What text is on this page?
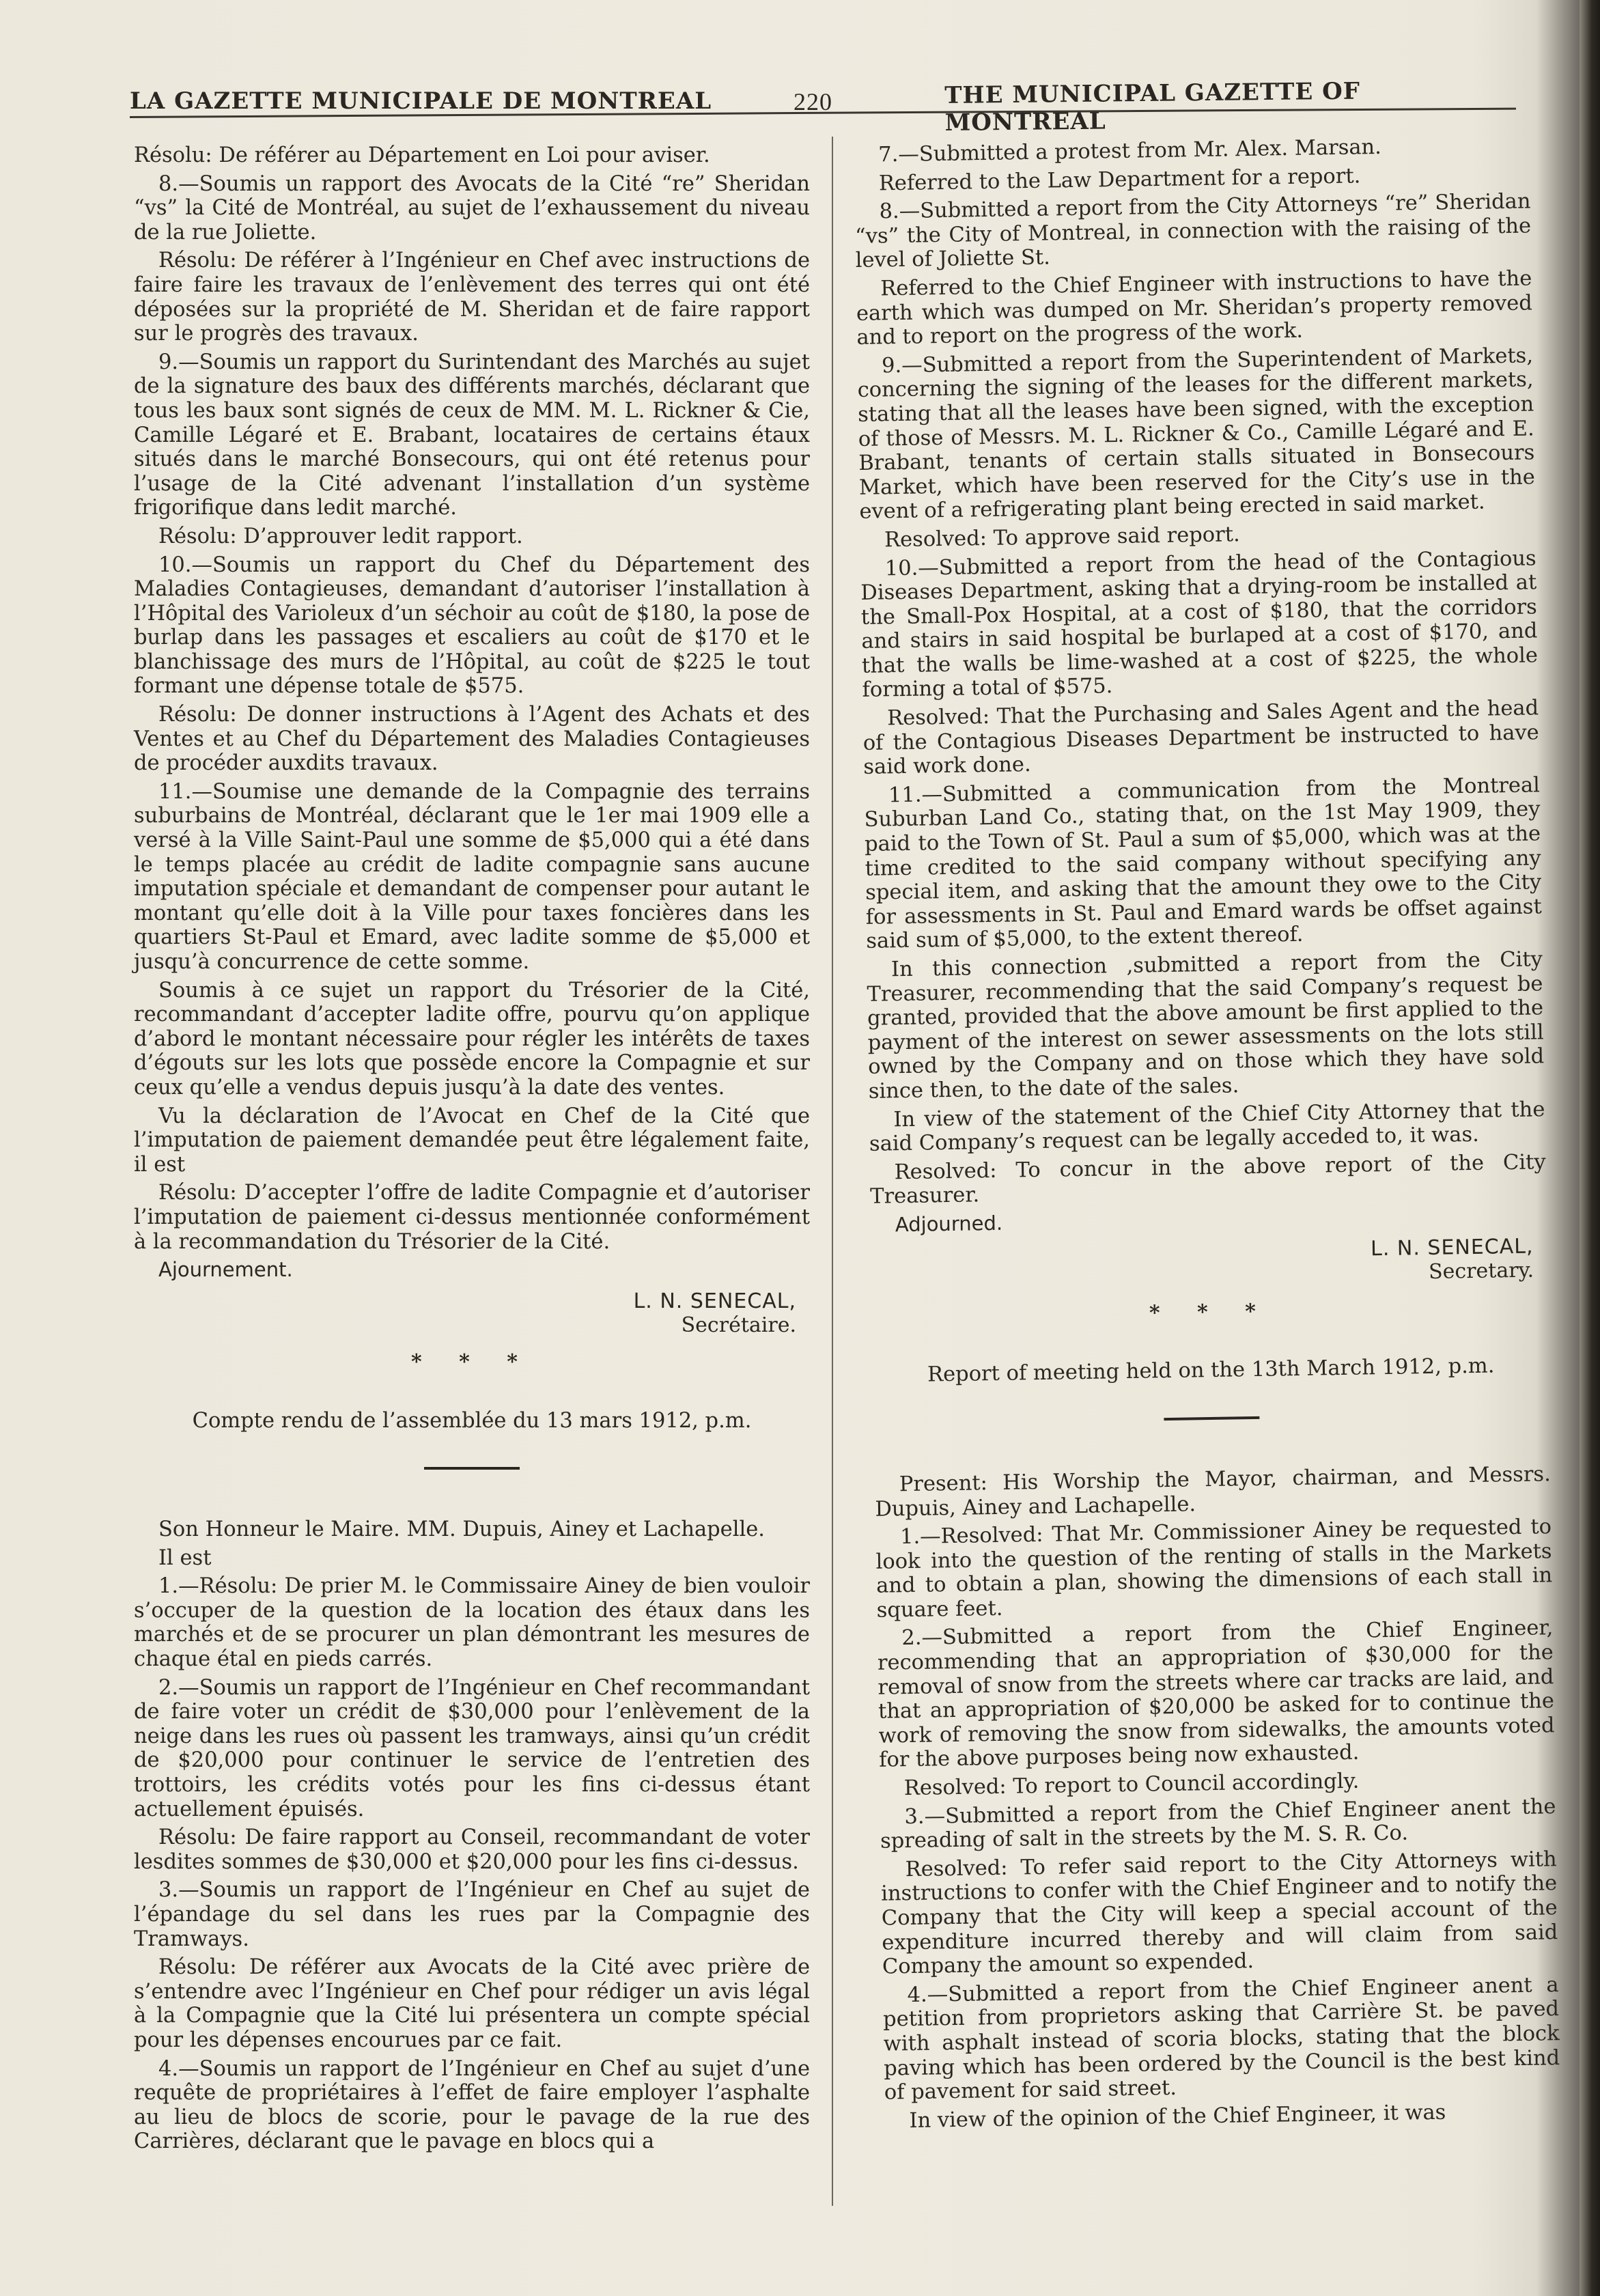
LA GAZETTE MUNICIPALE DE MONTREAL	220	THE MUNICIPAL GAZETTE OF MONTREAL

Résolu: De référer au Département en Loi pour aviser.

8.—Soumis un rapport des Avocats de la Cité “re” Sheridan “vs” la Cité de Montréal, au sujet de l’exhaussement du niveau de la rue Joliette.

Résolu: De référer à l’Ingénieur en Chef avec instructions de faire faire les travaux de l’enlèvement des terres qui ont été déposées sur la propriété de M. Sheridan et de faire rapport sur le progrès des travaux.

9.—Soumis un rapport du Surintendant des Marchés au sujet de la signature des baux des différents marchés, déclarant que tous les baux sont signés de ceux de MM. M. L. Rickner & Cie, Camille Légaré et E. Brabant, locataires de certains étaux situés dans le marché Bonsecours, qui ont été retenus pour l’usage de la Cité advenant l’installation d’un système frigorifique dans ledit marché.

Résolu: D’approuver ledit rapport.

10.—Soumis un rapport du Chef du Département des Maladies Contagieuses, demandant d’autoriser l’installation à l’Hôpital des Varioleux d’un séchoir au coût de $180, la pose de burlap dans les passages et escaliers au coût de $170 et le blanchissage des murs de l’Hôpital, au coût de $225 le tout formant une dépense totale de $575.

Résolu: De donner instructions à l’Agent des Achats et des Ventes et au Chef du Département des Maladies Contagieuses de procéder auxdits travaux.

11.—Soumise une demande de la Compagnie des terrains suburbains de Montréal, déclarant que le 1er mai 1909 elle a versé à la Ville Saint-Paul une somme de $5,000 qui a été dans le temps placée au crédit de ladite compagnie sans aucune imputation spéciale et demandant de compenser pour autant le montant qu’elle doit à la Ville pour taxes foncières dans les quartiers St-Paul et Emard, avec ladite somme de $5,000 et jusqu’à concurrence de cette somme.

Soumis à ce sujet un rapport du Trésorier de la Cité, recommandant d’accepter ladite offre, pourvu qu’on applique d’abord le montant nécessaire pour régler les intérêts de taxes d’égouts sur les lots que possède encore la Compagnie et sur ceux qu’elle a vendus depuis jusqu’à la date des ventes.

Vu la déclaration de l’Avocat en Chef de la Cité que l’imputation de paiement demandée peut être légalement faite, il est

Résolu: D’accepter l’offre de ladite Compagnie et d’autoriser l’imputation de paiement ci-dessus mentionnée conformément à la recommandation du Trésorier de la Cité.

Ajournement.

L. N. SENECAL,
Secrétaire.
* * *
Compte rendu de l’assemblée du 13 mars 1912, p.m.

Son Honneur le Maire. MM. Dupuis, Ainey et Lachapelle.

Il est

1.—Résolu: De prier M. le Commissaire Ainey de bien vouloir s’occuper de la question de la location des étaux dans les marchés et de se procurer un plan démontrant les mesures de chaque étal en pieds carrés.

2.—Soumis un rapport de l’Ingénieur en Chef recommandant de faire voter un crédit de $30,000 pour l’enlèvement de la neige dans les rues où passent les tramways, ainsi qu’un crédit de $20,000 pour continuer le service de l’entretien des trottoirs, les crédits votés pour les fins ci-dessus étant actuellement épuisés.

Résolu: De faire rapport au Conseil, recommandant de voter lesdites sommes de $30,000 et $20,000 pour les fins ci-dessus.

3.—Soumis un rapport de l’Ingénieur en Chef au sujet de l’épandage du sel dans les rues par la Compagnie des Tramways.

Résolu: De référer aux Avocats de la Cité avec prière de s’entendre avec l’Ingénieur en Chef pour rédiger un avis légal à la Compagnie que la Cité lui présentera un compte spécial pour les dépenses encourues par ce fait.

4.—Soumis un rapport de l’Ingénieur en Chef au sujet d’une requête de propriétaires à l’effet de faire employer l’asphalte au lieu de blocs de scorie, pour le pavage de la rue des Carrières, déclarant que le pavage en blocs qui a

7.—Submitted a protest from Mr. Alex. Marsan.

Referred to the Law Department for a report.

8.—Submitted a report from the City Attorneys “re” Sheridan “vs” the City of Montreal, in connection with the raising of the level of Joliette St.

Referred to the Chief Engineer with instructions to have the earth which was dumped on Mr. Sheridan’s property removed and to report on the progress of the work.

9.—Submitted a report from the Superintendent of Markets, concerning the signing of the leases for the different markets, stating that all the leases have been signed, with the exception of those of Messrs. M. L. Rickner & Co., Camille Légaré and E. Brabant, tenants of certain stalls situated in Bonsecours Market, which have been reserved for the City’s use in the event of a refrigerating plant being erected in said market.

Resolved: To approve said report.

10.—Submitted a report from the head of the Contagious Diseases Department, asking that a drying-room be installed at the Small-Pox Hospital, at a cost of $180, that the corridors and stairs in said hospital be burlaped at a cost of $170, and that the walls be lime-washed at a cost of $225, the whole forming a total of $575.

Resolved: That the Purchasing and Sales Agent and the head of the Contagious Diseases Department be instructed to have said work done.

11.—Submitted a communication from the Montreal Suburban Land Co., stating that, on the 1st May 1909, they paid to the Town of St. Paul a sum of $5,000, which was at the time credited to the said company without specifying any special item, and asking that the amount they owe to the City for assessments in St. Paul and Emard wards be offset against said sum of $5,000, to the extent thereof.

In this connection ,submitted a report from the City Treasurer, recommending that the said Company’s request be granted, provided that the above amount be first applied to the payment of the interest on sewer assessments on the lots still owned by the Company and on those which they have sold since then, to the date of the sales.

In view of the statement of the Chief City Attorney that the said Company’s request can be legally acceded to, it was.

Resolved: To concur in the above report of the City Treasurer.

Adjourned.

L. N. SENECAL,
Secretary.
* * *
Report of meeting held on the 13th March 1912, p.m.

Present: His Worship the Mayor, chairman, and Messrs. Dupuis, Ainey and Lachapelle.

1.—Resolved: That Mr. Commissioner Ainey be requested to look into the question of the renting of stalls in the Markets and to obtain a plan, showing the dimensions of each stall in square feet.

2.—Submitted a report from the Chief Engineer, recommending that an appropriation of $30,000 for the removal of snow from the streets where car tracks are laid, and that an appropriation of $20,000 be asked for to continue the work of removing the snow from sidewalks, the amounts voted for the above purposes being now exhausted.

Resolved: To report to Council accordingly.

3.—Submitted a report from the Chief Engineer anent the spreading of salt in the streets by the M. S. R. Co.

Resolved: To refer said report to the City Attorneys with instructions to confer with the Chief Engineer and to notify the Company that the City will keep a special account of the expenditure incurred thereby and will claim from said Company the amount so expended.

4.—Submitted a report from the Chief Engineer anent a petition from proprietors asking that Carrière St. be paved with asphalt instead of scoria blocks, stating that the block paving which has been ordered by the Council is the best kind of pavement for said street.

In view of the opinion of the Chief Engineer, it was
